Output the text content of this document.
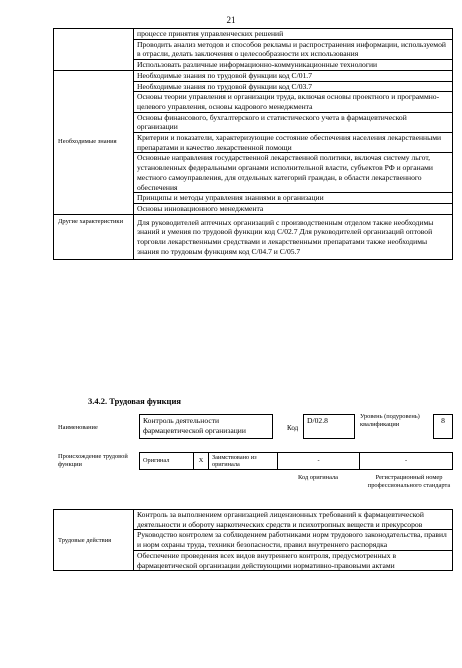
21
	процессе принятия управленческих решений
	Проводить анализ методов и способов рекламы и распространения информации, используемой в отрасли, делать заключения о целесообразности их использования
	Использовать различные информационно-коммуникационные технологии
Необходимые знания	Необходимые знания по трудовой функции код С/01.7
	Необходимые знания по трудовой функции код С/03.7
	Основы теории управления и организации труда, включая основы проектного и программно-целевого управления, основы кадрового менеджмента
	Основы финансового, бухгалтерского и статистического учета в фармацевтической организации
	Критерии и показатели, характеризующие состояние обеспечения населения лекарственными препаратами и качество лекарственной помощи
	Основные направления государственной лекарственной политики, включая систему льгот, установленных федеральными органами исполнительной власти, субъектов РФ и органами местного самоуправления, для отдельных категорий граждан, в области лекарственного обеспечения
	Принципы и методы управления знаниями в организации
	Основы инновационного менеджмента
Другие характеристики	Для руководителей аптечных организаций с производственным отделом также необходимы знаний и умения по трудовой функции код С/02.7 Для руководителей организаций оптовой торговли лекарственными средствами и лекарственными препаратами также необходимы знания по трудовым функциям код С/04.7 и С/05.7
3.4.2. Трудовая функция
Наименование
Контроль деятельности фармацевтической организации	Код
D/02.8	Уровень (подуровень) квалификации	8
Происхождение трудовой функции
Оригинал	X	Заимствовано из оригинала	-	-
Код оригинала	Регистрационный номер профессионального стандарта
Трудовые действия	Контроль за выполнением организацией лицензионных требований к фармацевтической деятельности и обороту наркотических средств и психотропных веществ и прекурсоров
Руководство контролем за соблюдением работниками норм трудового законодательства, правил и норм охраны труда, техники безопасности, правил внутреннего распорядка
Обеспечение проведения всех видов внутреннего контроля, предусмотренных в фармацевтической организации действующими нормативно-правовыми актами
